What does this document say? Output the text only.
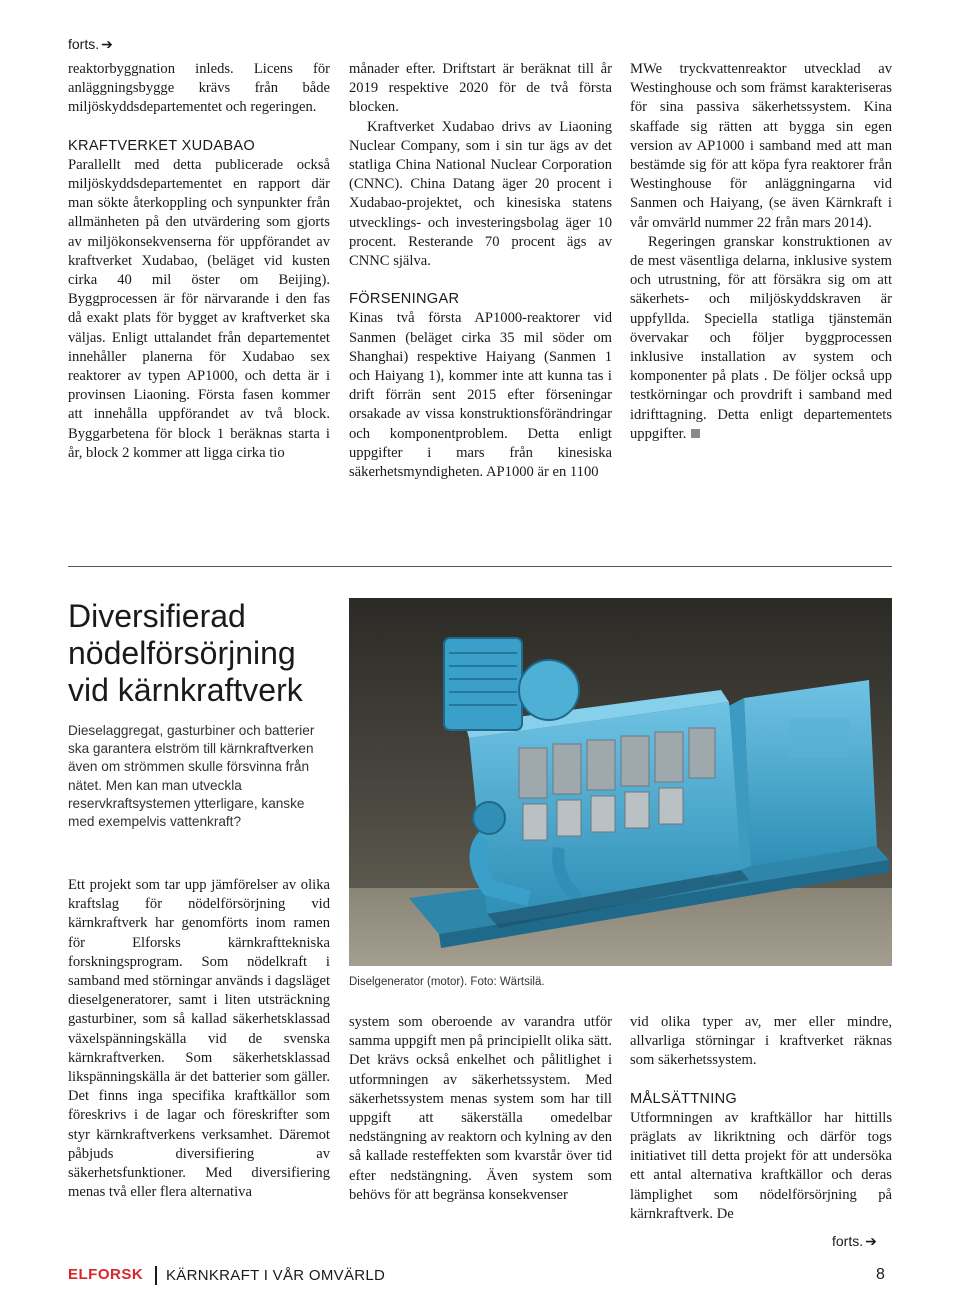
forts. ➔

reaktorbyggnation inleds. Licens för anläggningsbygge krävs från både miljöskyddsdepartementet och regeringen.

KRAFTVERKET XUDABAO

Parallellt med detta publicerade också miljöskyddsdepartementet en rapport där man sökte återkoppling och synpunkter från allmänheten på den utvärdering som gjorts av miljökonsekvenserna för uppförandet av kraftverket Xudabao, (beläget vid kusten cirka 40 mil öster om Beijing). Byggprocessen är för närvarande i den fas då exakt plats för bygget av kraftverket ska väljas. Enligt uttalandet från departementet innehåller planerna för Xudabao sex reaktorer av typen AP1000, och detta är i provinsen Liaoning. Första fasen kommer att innehålla uppförandet av två block. Byggarbetena för block 1 beräknas starta i år, block 2 kommer att ligga cirka tio

månader efter. Driftstart är beräknat till år 2019 respektive 2020 för de två första blocken.

Kraftverket Xudabao drivs av Liaoning Nuclear Company, som i sin tur ägs av det statliga China National Nuclear Corporation (CNNC). China Datang äger 20 procent i Xudabao-projektet, och kinesiska statens utvecklings- och investeringsbolag äger 10 procent. Resterande 70 procent ägs av CNNC själva.

FÖRSENINGAR

Kinas två första AP1000-reaktorer vid Sanmen (beläget cirka 35 mil söder om Shanghai) respektive Haiyang (Sanmen 1 och Haiyang 1), kommer inte att kunna tas i drift förrän sent 2015 efter förseningar orsakade av vissa konstruktionsförändringar och komponentproblem. Detta enligt uppgifter i mars från kinesiska säkerhetsmyndigheten. AP1000 är en 1100

MWe tryckvattenreaktor utvecklad av Westinghouse och som främst karakteriseras för sina passiva säkerhetssystem. Kina skaffade sig rätten att bygga sin egen version av AP1000 i samband med att man bestämde sig för att köpa fyra reaktorer från Westinghouse för anläggningarna vid Sanmen och Haiyang, (se även Kärnkraft i vår omvärld nummer 22 från mars 2014).

Regeringen granskar konstruktionen av de mest väsentliga delarna, inklusive system och utrustning, för att försäkra sig om att säkerhets- och miljöskyddskraven är uppfyllda. Speciella statliga tjänstemän övervakar och följer byggprocessen inklusive installation av system och komponenter på plats . De följer också upp testkörningar och provdrift i samband med idrifttagning. Detta enligt departementets uppgifter.

Diversifierad nödelförsörjning vid kärnkraftverk
Dieselaggregat, gasturbiner och batterier ska garantera elström till kärnkraftverken även om strömmen skulle försvinna från nätet. Men kan man utveckla reservkraftsystemen ytterligare, kanske med exempelvis vattenkraft?
Diselgenerator (motor). Foto: Wärtsilä.

Ett projekt som tar upp jämförelser av olika kraftslag för nödelförsörjning vid kärnkraftverk har genomförts inom ramen för Elforsks kärnkrafttekniska forskningsprogram. Som nödelkraft i samband med störningar används i dagsläget dieselgeneratorer, samt i liten utsträckning gasturbiner, som så kallad säkerhetsklassad växelspänningskälla vid de svenska kärnkraftverken. Som säkerhetsklassad likspänningskälla är det batterier som gäller. Det finns inga specifika kraftkällor som föreskrivs i de lagar och föreskrifter som styr kärnkraftverkens verksamhet. Däremot påbjuds diversifiering av säkerhetsfunktioner. Med diversifiering menas två eller flera alternativa

system som oberoende av varandra utför samma uppgift men på principiellt olika sätt. Det krävs också enkelhet och pålitlighet i utformningen av säkerhetssystem. Med säkerhetssystem menas system som har till uppgift att säkerställa omedelbar nedstängning av reaktorn och kylning av den så kallade resteffekten som kvarstår över tid efter nedstängning. Även system som behövs för att begränsa konsekvenser

vid olika typer av, mer eller mindre, allvarliga störningar i kraftverket räknas som säkerhetssystem.

MÅLSÄTTNING

Utformningen av kraftkällor har hittills präglats av likriktning och därför togs initiativet till detta projekt för att undersöka ett antal alternativa kraftkällor och deras lämplighet som nödelförsörjning på kärnkraftverk. De

forts. ➔
ELFORSK KÄRNKRAFT I VÅR OMVÄRLD	8
